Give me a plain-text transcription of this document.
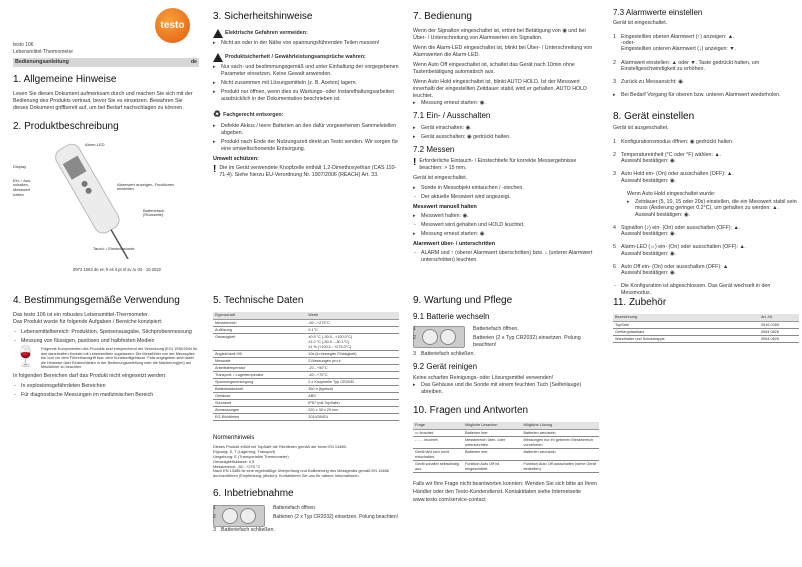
testo
testo 106
Lebensmittel-Thermometer
Bedienungsanleitung	de
1. Allgemeine Hinweise

Lesen Sie dieses Dokument aufmerksam durch und machen Sie sich mit der Bedienung des Produkts vertraut, bevor Sie es einsetzen. Bewahren Sie dieses Dokument griffbereit auf, um bei Bedarf nachschlagen zu können.

2. Produktbeschreibung
Alarm-LED
Display
Ein- / Aus-schalten, Messwert halten
Alarmwert anzeigen, Funktionen einstellen
Batteriefach (Rückseite)
Tauch- / Einstechsonde
0973 1063 de en fr es it pt nl sv ru 04 - 10.2022
3. Sicherheitshinweise
Elektrische Gefahren vermeiden:
▸ Nicht an oder in der Nähe von spannungsführenden Teilen messen!
Produktsicherheit / Gewährleistungsansprüche wahren:
▸ Nur sach- und bestimmungsgemäß und unter Einhaltung der vorgegebenen Parameter einsetzen. Keine Gewalt anwenden.
▸ Nicht zusammen mit Lösungsmitteln (z. B. Aceton) lagern.
▸ Produkt nur öffnen, wenn dies zu Wartungs- oder Instandhaltungsarbeiten ausdrücklich in der Dokumentation beschrieben ist.
♻ Fachgerecht entsorgen:
▸ Defekte Akkus / leere Batterien an den dafür vorgesehenen Sammelstellen abgeben.
▸ Produkt nach Ende der Nutzungszeit direkt an Testo senden. Wir sorgen für eine umweltschonende Entsorgung.
Umwelt schützen:

! Die im Gerät verwendete Knopfzelle enthält 1,2-Dimethoxyethan (CAS 110-71-4). Siehe hierzu EU-Verordnung Nr. 1907/2006 (REACH) Art. 33.

7. Bedienung

Wenn der Signalton eingeschaltet ist, ertönt bei Betätigung von ◉ und bei Über- / Unterschreitung von Alarmwerten ein Signalton.

Wenn die Alarm-LED eingeschaltet ist, blinkt bei Über- / Unterschreitung von Alarmwerten die Alarm-LED.

Wenn Auto Off eingeschaltet ist, schaltet das Gerät nach 10min ohne Tastenbetätigung automatisch aus.

Wenn Auto Hold eingeschaltet ist, blinkt AUTO HOLD. Ist der Messwert innerhalb der eingestellten Zeitdauer stabil, wird er gehalten. AUTO HOLD leuchtet.

▸ Messung erneut starten: ◉.
7.1 Ein- / Ausschalten
▸ Gerät einschalten: ◉.
▸ Gerät ausschalten: ◉ gedrückt halten.
7.2 Messen

! Erforderliche Eintauch- / Einstechtiefe für korrekte Messergebnisse beachten: > 15 mm.

Gerät ist eingeschaltet.

▸ Sonde in Messobjekt eintauchen / -stechen.
- Der aktuelle Messwert wird angezeigt.
Messwert manuell halten
▸ Messwert halten: ◉.
- Messwert wird gehalten und HOLD leuchtet.
▸ Messung erneut starten: ◉.
Alarmwert über- / unterschritten
- ALARM und ↑ (oberer Alarmwert überschritten) bzw. ↓ (unterer Alarmwert unterschritten) leuchten.
7.3 Alarmwerte einstellen

Gerät ist eingeschaltet.

1 Eingestellten oberen Alarmwert (↑) anzeigen: ▲.
-oder-
Eingestellten unteren Alarmwert (↓) anzeigen: ▼.

2 Alarmwert einstellen: ▲ oder ▼. Taste gedrückt halten, um Einstellgeschwindigkeit zu erhöhen.

3 Zurück zu Messansicht: ◉.

▸ Bei Bedarf Vorgang für oberen bzw. unteren Alarmwert wiederholen.

8. Gerät einstellen

Gerät ist ausgeschaltet.

1 Konfigurationsmodus öffnen: ◉ gedrückt halten.

2 Temperatureinheit (°C oder °F) wählen: ▲.
Auswahl bestätigen: ◉.

3 Auto Hold ein- (On) oder ausschalten (OFF): ▲.
Auswahl bestätigen: ◉.

Wenn Auto Hold eingeschaltet wurde:

▸ Zeitdauer (5, 10, 15 oder 20s) einstellen, die ein Messwert stabil sein muss (Änderung geringer 0,2°C), um gehalten zu werden: ▲.
Auswahl bestätigen: ◉.

4 Signalton (♪) ein- (On) oder ausschalten (OFF): ▲.
Auswahl bestätigen: ◉.

5 Alarm-LED (☼) ein- (On) oder ausschalten (OFF): ▲.
Auswahl bestätigen: ◉.

6 Auto Off ein- (On) oder ausschalten (OFF): ▲
Auswahl bestätigen: ◉.

- Die Konfiguration ist abgeschlossen. Das Gerät wechselt in den Messmodus.

4. Bestimmungsgemäße Verwendung

Das testo 106 ist ein robustes Lebensmittel-Thermometer.

Das Produkt wurde für folgende Aufgaben / Bereiche konzipiert:

- Lebensmittelbereich: Produktion, Speisenausgabe, Stichprobenmessung
- Messung von flüssigen, pastösen und halbfesten Medien
🍷 Folgende Komponenten des Produkts sind entsprechend der Verordnung (EG) 1935/2004 für den dauerhaften Kontakt mit Lebensmitteln zugelassen: Die Messfühler von der Messspitze bis 1cm vor dem Führerhandgriff bzw. dem Kunststoffgehäuse. Falls angegeben sind dabei die Hinweise über Einstechtiefen in der Bedienungsanleitung oder die Markierung(en) am Messfühler zu beachten.

In folgenden Bereichen darf das Produkt nicht eingesetzt werden:

- In explosionsgefährdeten Bereichen
- Für diagnostische Messungen im medizinischen Bereich
5. Technische Daten
Eigenschaft	Werte
Messbereich	-50...+275°C
Auflösung	0.1°C
Genauigkeit	±0.5 °C (-30.0...+100.0°C)
±1.0 °C (-50.0...-30.1°C)
±1 % (+100.1...+275.0°C)
Angleichzeit t99	10s (in bewegter Flüssigkeit)
Messrate	2 Messungen pro s
Arbeitstemperatur	-20...+50°C
Transport- / Lagertemperatur	-40...+70°C
Spannungsversorgung	2 x Knopfzelle Typ CR2032
Batteriestandzeit	350 h (typisch)
Gehäuse	ABS
Schutzart	IP67 (mit TopSafe)
Abmessungen	220 x 35 x 20 mm
EG-Richtlinien	2014/30/EU
Normenhinweis
Dieses Produkt erfüllt mit TopSafe die Richtlinien gemäß der Norm EN 13485:
Eignung: S, T (Lagerung, Transport)
Umgebung: E (Transportable Thermometer)
Genauigkeitsklasse: 0,5
Messbereich: -50...+275 °C
Nach EN 13485 ist eine regelmäßige Überprüfung und Kalibrierung des Messgeräts gemäß EN 13486 durchzuführen (Empfehlung: jährlich). Kontaktieren Sie uns für nähere Informationen.
6. Inbetriebnahme
1	Batteriefach öffnen.
2	Batterien (2 x Typ CR2032) einsetzen. Polung beachten!
3 Batteriefach schließen.
9. Wartung und Pflege
9.1 Batterie wechseln
1	Batteriefach öffnen.
2	Batterien (2 x Typ CR2032) einsetzen. Polung beachten!
3 Batteriefach schließen.
9.2 Gerät reinigen

Keine scharfen Reinigungs- oder Lösungsmittel verwenden!

▸ Das Gehäuse und die Sonde mit einem feuchten Tuch (Seifenlauge) abreiben.
10. Fragen und Antworten
Frage	Mögliche Ursachen	Mögliche Lösung
▭ leuchtet.	Batterien leer.	Batterien wechseln.
- - - - leuchtet.	Messbereich über- oder unterschritten.	Messungen nur im gebenen Messbereich vornehmen.
Gerät läßt sich nicht einschalten.	Batterien leer.	Batterien wechseln.
Gerät schaltet selbständig aus.	Funktion Auto Off ist eingeschaltet.	Funktion Auto Off ausschalten (siehe Gerät einstellen).

Falls wir Ihre Frage nicht beantworten konnten: Wenden Sie sich bitte an Ihren Händler oder den Testo-Kundendienst. Kontaktdaten siehe Internetseite www.testo.com/service-contact

11. Zubehör
Bezeichnung	Art.-Nr.
TopSafe	0516 0265
Gefriergutaufsatz	0554 0826
Wandhalter und Schutzkappe	0554 0825
